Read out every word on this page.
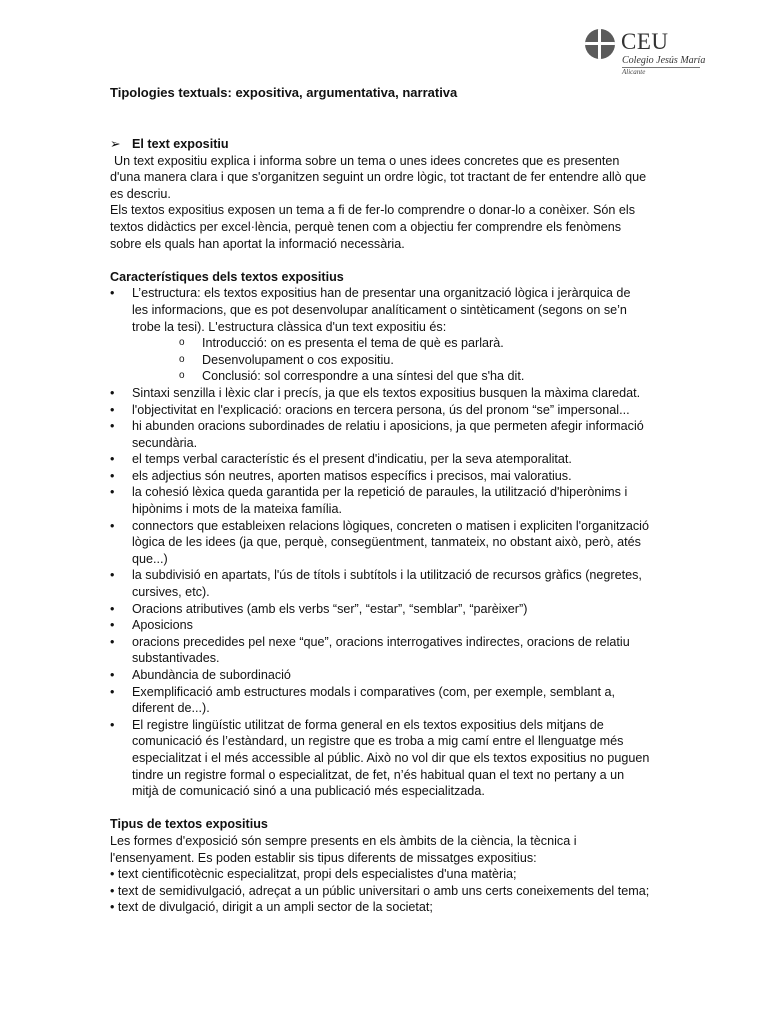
CEU
Colegio Jesús María
Alicante
Tipologies textuals: expositiva, argumentativa, narrativa

➢ El text expositiu

Un text expositiu explica i informa sobre un tema o unes idees concretes que es presenten d'una manera clara i que s'organitzen seguint un ordre lògic, tot tractant de fer entendre allò que es descriu.

Els textos expositius exposen un tema a fi de fer-lo comprendre o donar-lo a conèixer. Són els textos didàctics per excel·lència, perquè tenen com a objectiu fer comprendre els fenòmens sobre els quals han aportat la informació necessària.

Característiques dels textos expositius

• L’estructura: els textos expositius han de presentar una organització lògica i jeràrquica de les informacions, que es pot desenvolupar analíticament o sintèticament (segons on se’n trobe la tesi). L'estructura clàssica d'un text expositiu és:
o Introducció: on es presenta el tema de què es parlarà.
o Desenvolupament o cos expositiu.
o Conclusió: sol correspondre a una síntesi del que s'ha dit.
• Sintaxi senzilla i lèxic clar i precís, ja que els textos expositius busquen la màxima claredat.
• l'objectivitat en l'explicació: oracions en tercera persona, ús del pronom “se” impersonal...
• hi abunden oracions subordinades de relatiu i aposicions, ja que permeten afegir informació secundària.
• el temps verbal característic és el present d'indicatiu, per la seva atemporalitat.
• els adjectius són neutres, aporten matisos específics i precisos, mai valoratius.
• la cohesió lèxica queda garantida per la repetició de paraules, la utilització d'hiperònims i hipònims i mots de la mateixa família.
• connectors que estableixen relacions lògiques, concreten o matisen i expliciten l'organització lògica de les idees (ja que, perquè, consegüentment, tanmateix, no obstant això, però, atés que...)
• la subdivisió en apartats, l'ús de títols i subtítols i la utilització de recursos gràfics (negretes, cursives, etc).
• Oracions atributives (amb els verbs “ser”, “estar”, “semblar”, “parèixer”)
• Aposicions
• oracions precedides pel nexe “que”, oracions interrogatives indirectes, oracions de relatiu substantivades.
• Abundància de subordinació
• Exemplificació amb estructures modals i comparatives (com, per exemple, semblant a, diferent de...).
• El registre lingüístic utilitzat de forma general en els textos expositius dels mitjans de comunicació és l’estàndard, un registre que es troba a mig camí entre el llenguatge més especialitzat i el més accessible al públic. Això no vol dir que els textos expositius no puguen tindre un registre formal o especialitzat, de fet, n’és habitual quan el text no pertany a un mitjà de comunicació sinó a una publicació més especialitzada.

Tipus de textos expositius

Les formes d'exposició són sempre presents en els àmbits de la ciència, la tècnica i l'ensenyament. Es poden establir sis tipus diferents de missatges expositius:

• text cientificotècnic especialitzat, propi dels especialistes d'una matèria;

• text de semidivulgació, adreçat a un públic universitari o amb uns certs coneixements del tema;

• text de divulgació, dirigit a un ampli sector de la societat;
